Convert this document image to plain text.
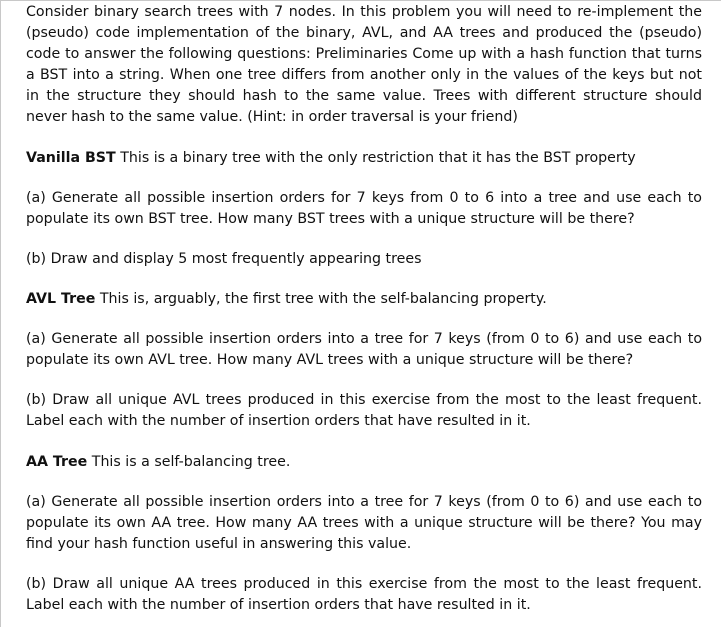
Consider binary search trees with 7 nodes. In this problem you will need to re-implement the (pseudo) code implementation of the binary, AVL, and AA trees and produced the (pseudo) code to answer the following questions: Preliminaries Come up with a hash function that turns a BST into a string. When one tree differs from another only in the values of the keys but not in the structure they should hash to the same value. Trees with different structure should never hash to the same value. (Hint: in order traversal is your friend)

Vanilla BST This is a binary tree with the only restriction that it has the BST property

(a) Generate all possible insertion orders for 7 keys from 0 to 6 into a tree and use each to populate its own BST tree. How many BST trees with a unique structure will be there?

(b) Draw and display 5 most frequently appearing trees

AVL Tree This is, arguably, the first tree with the self-balancing property.

(a) Generate all possible insertion orders into a tree for 7 keys (from 0 to 6) and use each to populate its own AVL tree. How many AVL trees with a unique structure will be there?

(b) Draw all unique AVL trees produced in this exercise from the most to the least frequent. Label each with the number of insertion orders that have resulted in it.

AA Tree This is a self-balancing tree.

(a) Generate all possible insertion orders into a tree for 7 keys (from 0 to 6) and use each to populate its own AA tree. How many AA trees with a unique structure will be there? You may find your hash function useful in answering this value.

(b) Draw all unique AA trees produced in this exercise from the most to the least frequent. Label each with the number of insertion orders that have resulted in it.
